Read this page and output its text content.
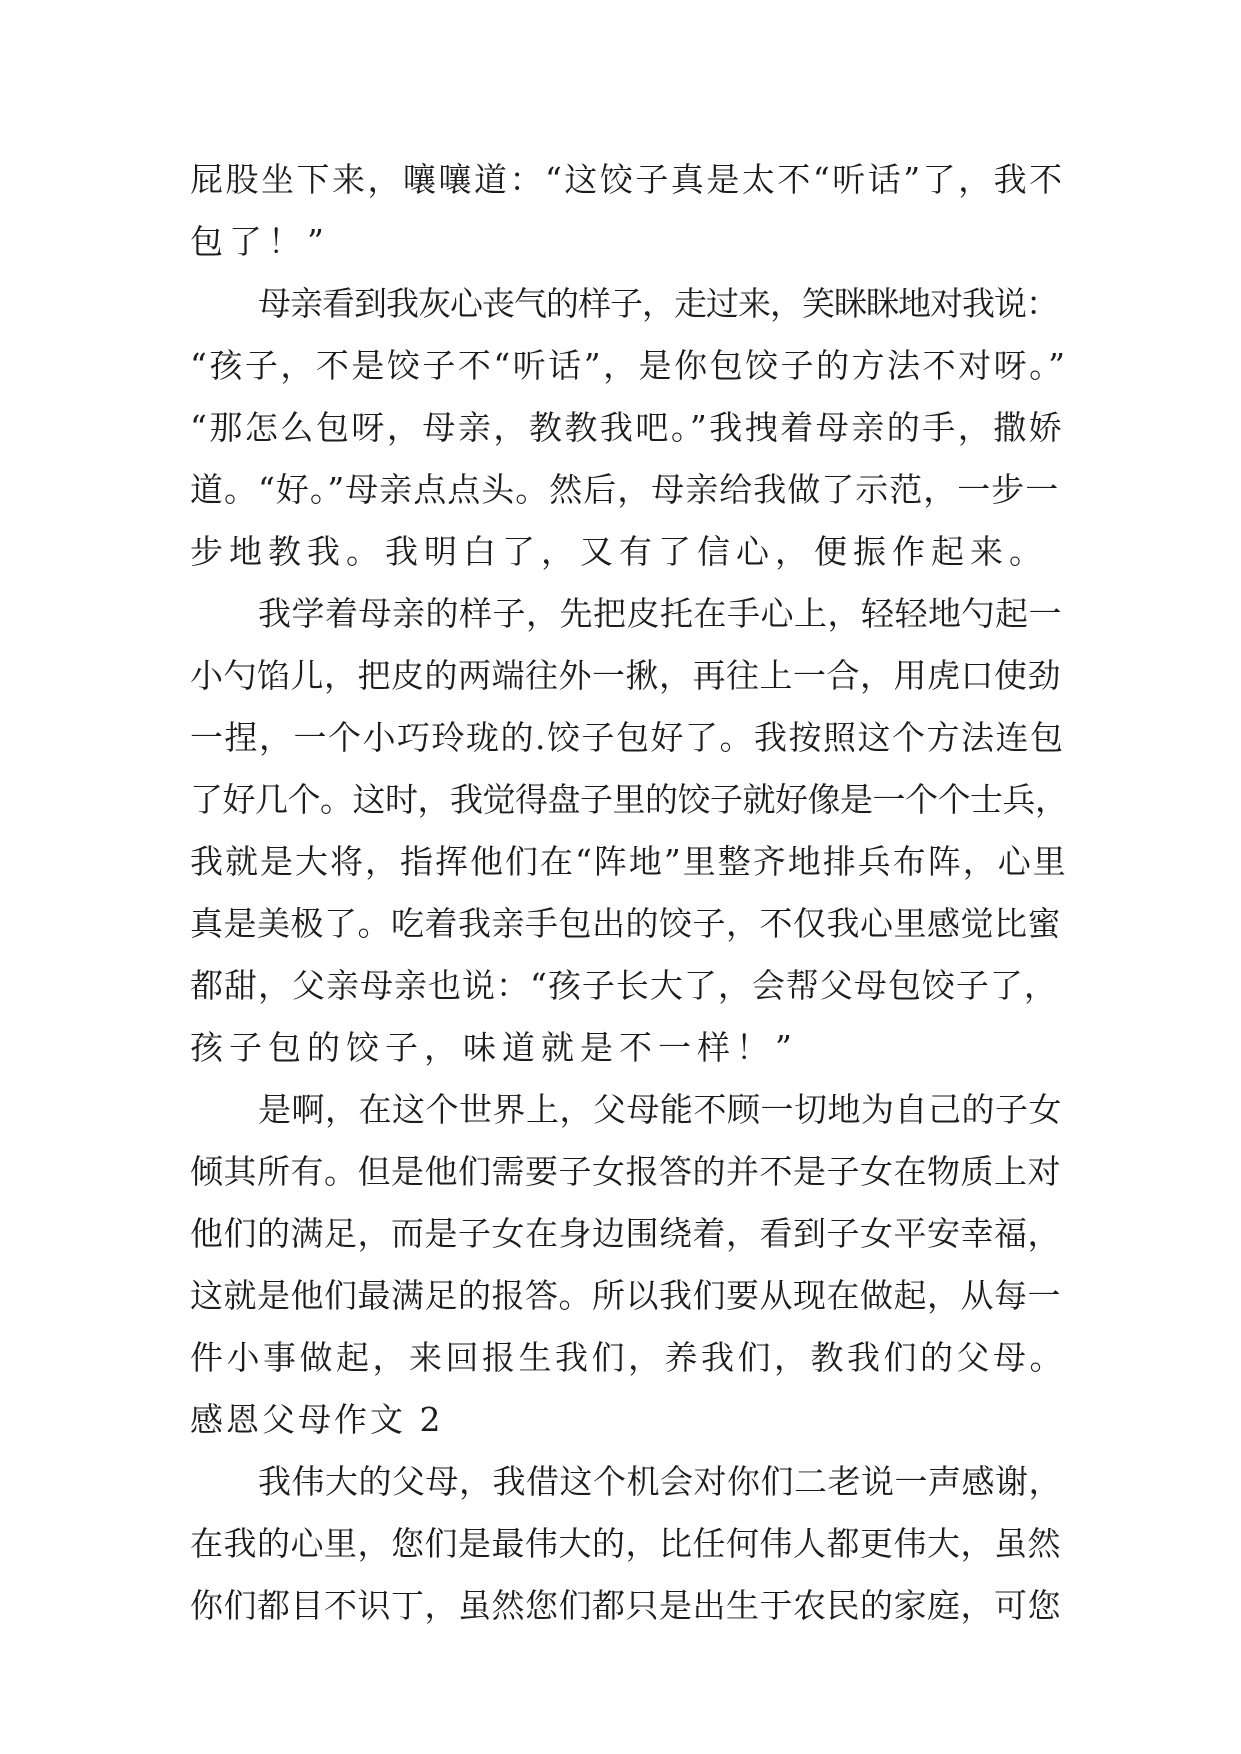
屁股坐下来，嚷嚷道：“这饺子真是太不“听话”了，我不
包了！”
母亲看到我灰心丧气的样子，走过来，笑眯眯地对我说：
“孩子，不是饺子不“听话”，是你包饺子的方法不对呀。”
“那怎么包呀，母亲，教教我吧。”我拽着母亲的手，撒娇
道。“好。”母亲点点头。然后，母亲给我做了示范，一步一
步地教我。我明白了，又有了信心，便振作起来。
我学着母亲的样子，先把皮托在手心上，轻轻地勺起一
小勺馅儿，把皮的两端往外一揪，再往上一合，用虎口使劲
一捏，一个小巧玲珑的.饺子包好了。我按照这个方法连包
了好几个。这时，我觉得盘子里的饺子就好像是一个个士兵，
我就是大将，指挥他们在“阵地”里整齐地排兵布阵，心里
真是美极了。吃着我亲手包出的饺子，不仅我心里感觉比蜜
都甜，父亲母亲也说：“孩子长大了，会帮父母包饺子了，
孩子包的饺子，味道就是不一样！”
是啊，在这个世界上，父母能不顾一切地为自己的子女
倾其所有。但是他们需要子女报答的并不是子女在物质上对
他们的满足，而是子女在身边围绕着，看到子女平安幸福，
这就是他们最满足的报答。所以我们要从现在做起，从每一
件小事做起，来回报生我们，养我们，教我们的父母。
感恩父母作文 2
我伟大的父母，我借这个机会对你们二老说一声感谢，
在我的心里，您们是最伟大的，比任何伟人都更伟大，虽然
你们都目不识丁，虽然您们都只是出生于农民的家庭，可您
